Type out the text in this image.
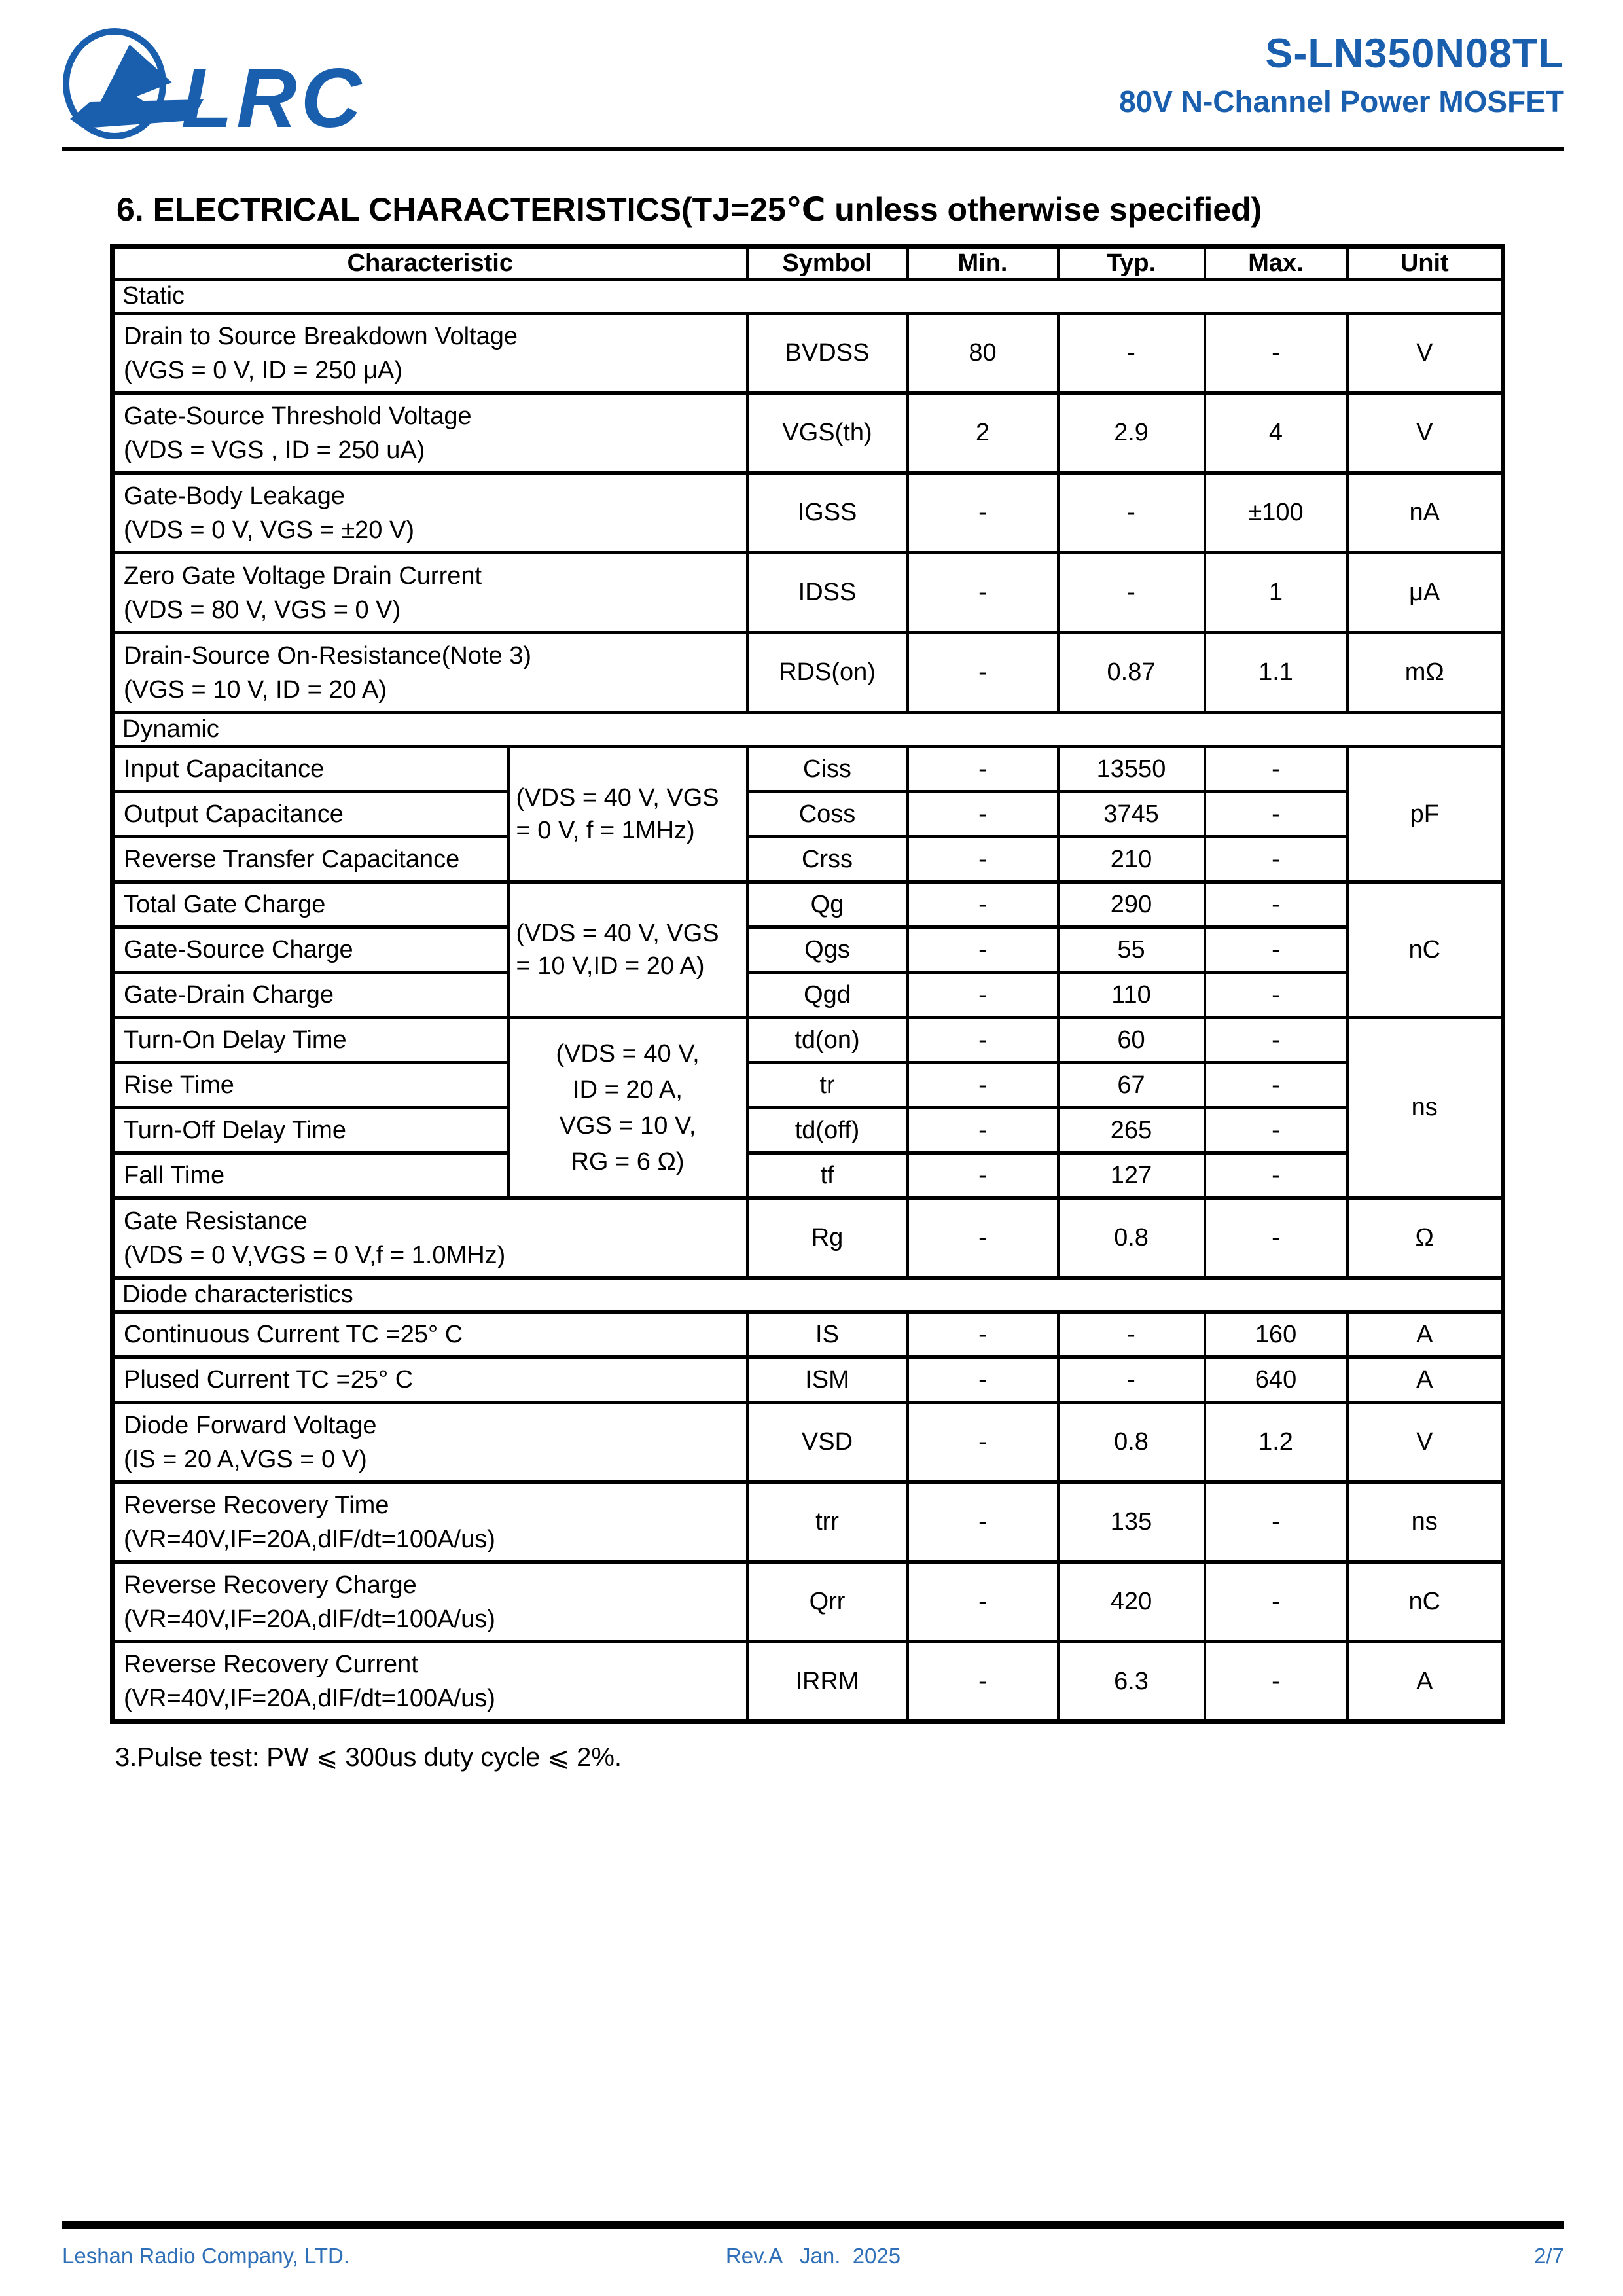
LRC	S-LN350N08TL
80V N-Channel Power MOSFET
6. ELECTRICAL CHARACTERISTICS(TJ=25℃ unless otherwise specified)
Characteristic		Symbol	Min.	Typ.	Max.	Unit
Static						

Drain to Source Breakdown Voltage
(VGS = 0 V, ID = 250 μA)		BVDSS	80	-	-	V

Gate-Source Threshold Voltage
(VDS = VGS , ID = 250 uA)		VGS(th)	2	2.9	4	V

Gate-Body Leakage
(VDS = 0 V, VGS = ±20 V)		IGSS	-	-	±100	nA

Zero Gate Voltage Drain Current
(VDS = 80 V, VGS = 0 V)		IDSS	-	-	1	μA

Drain-Source On-Resistance(Note 3)
(VGS = 10 V, ID = 20 A)		RDS(on)	-	0.87	1.1	mΩ
Dynamic						

Input Capacitance	(VDS = 40 V, VGS
= 0 V, f = 1MHz)	Ciss	-	13550	-	pF

Output Capacitance		Coss	-	3745	-	

Reverse Transfer Capacitance		Crss	-	210	-	

Total Gate Charge	(VDS = 40 V, VGS
= 10 V,ID = 20 A)	Qg	-	290	-	nC

Gate-Source Charge		Qgs	-	55	-	

Gate-Drain Charge		Qgd	-	110	-	

Turn-On Delay Time	(VDS = 40 V,
ID = 20 A,
VGS = 10 V,
RG = 6 Ω)	td(on)	-	60	-	ns

Rise Time		tr	-	67	-	

Turn-Off Delay Time		td(off)	-	265	-	

Fall Time		tf	-	127	-	

Gate Resistance
(VDS = 0 V,VGS = 0 V,f = 1.0MHz)		Rg	-	0.8	-	Ω
Diode characteristics						

Continuous Current TC =25° C		IS	-	-	160	A

Plused Current TC =25° C		ISM	-	-	640	A

Diode Forward Voltage
(IS = 20 A,VGS = 0 V)		VSD	-	0.8	1.2	V

Reverse Recovery Time
(VR=40V,IF=20A,dIF/dt=100A/us)		trr	-	135	-	ns

Reverse Recovery Charge
(VR=40V,IF=20A,dIF/dt=100A/us)		Qrr	-	420	-	nC

Reverse Recovery Current
(VR=40V,IF=20A,dIF/dt=100A/us)		IRRM	-	6.3	-	A
3.Pulse test: PW ⩽ 300us duty cycle ⩽ 2%.
Leshan Radio Company, LTD.	Rev.A   Jan.  2025	2/7
